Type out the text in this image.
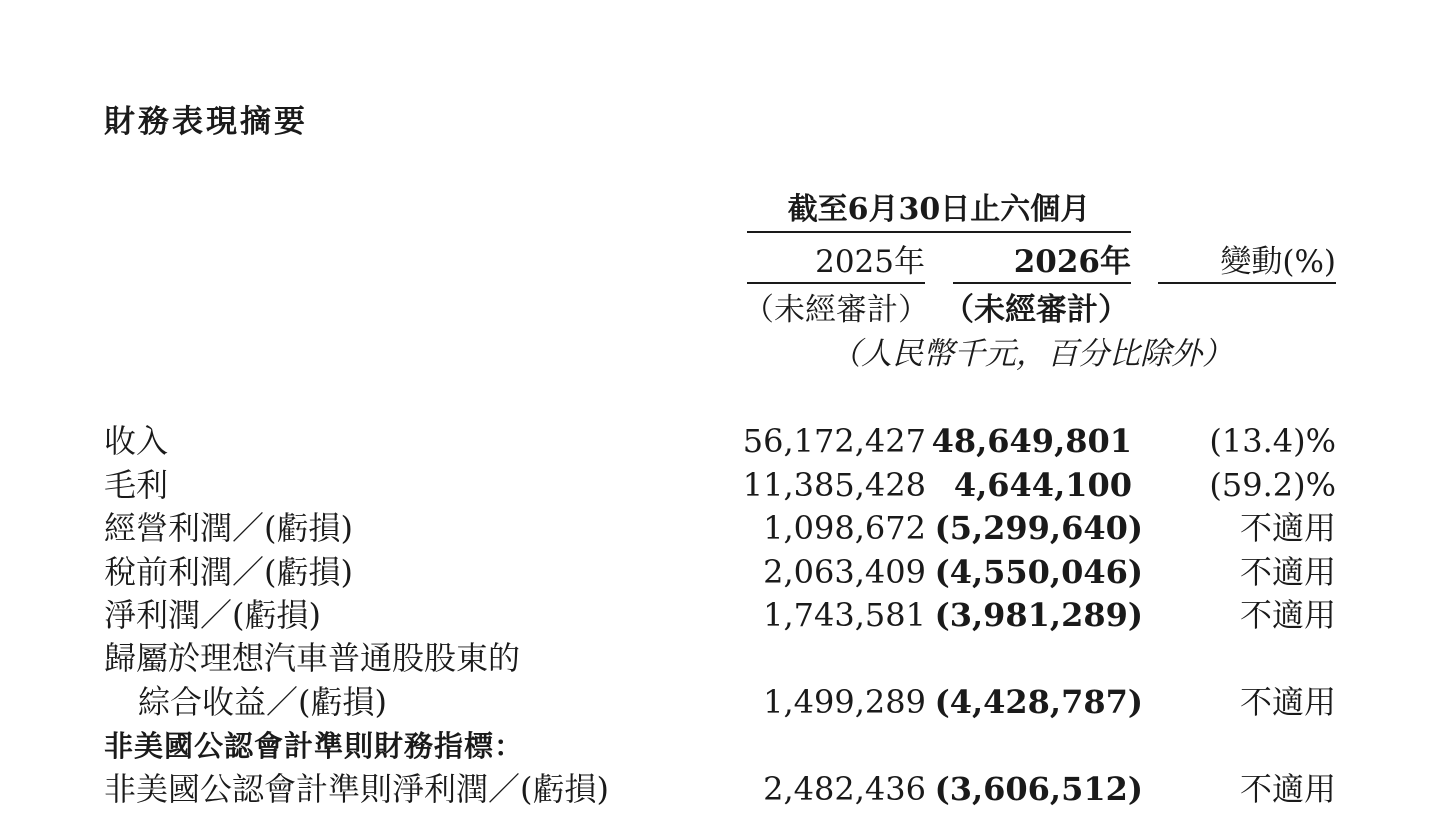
財務表現摘要
截至6月30日止六個月
2025年	2026年	變動(%)
（未經審計） （未經審計）
（人民幣千元，百分比除外）
收入	56,172,427 48,649,801 (13.4)%
毛利	11,385,428 4,644,100 (59.2)%
經營利潤／(虧損)	1,098,672 (5,299,640)	不適用
稅前利潤／(虧損)	2,063,409 (4,550,046)	不適用
淨利潤／(虧損)	1,743,581 (3,981,289)	不適用
歸屬於理想汽車普通股股東的
綜合收益／(虧損)	1,499,289 (4,428,787)	不適用
非美國公認會計準則財務指標：
非美國公認會計準則淨利潤／(虧損)	2,482,436 (3,606,512)	不適用
